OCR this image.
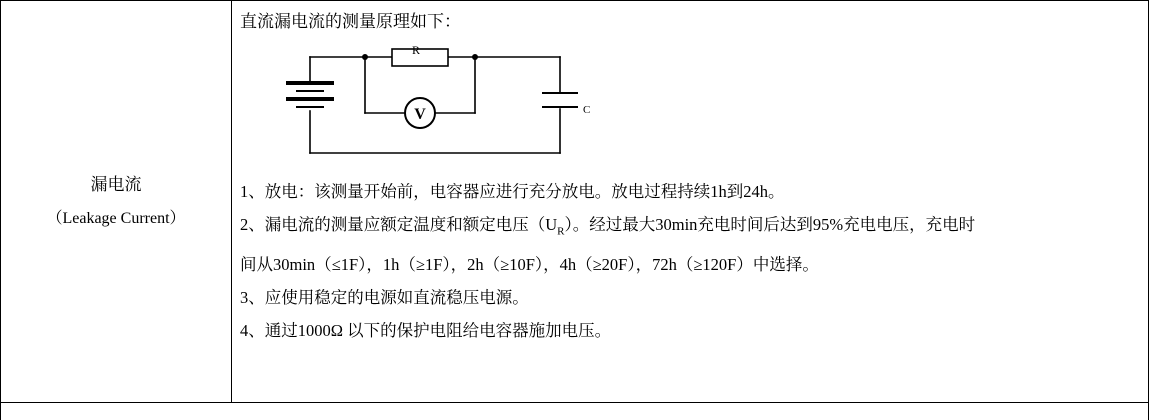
漏电流
（Leakage Current）

直流漏电流的测量原理如下：

C
R
V

1、放电：该测量开始前，电容器应进行充分放电。放电过程持续1h到24h。

2、漏电流的测量应额定温度和额定电压$(U_R)$。经过最大30min充电时间后达到95%充电电压，充电时
间从30min（≤1F），1h（≥1F），2h（≥10F），4h（≥20F），72h（≥120F）中选择。

3、应使用稳定的电源如直流稳压电源。

4、通过1000Ω 以下的保护电阻给电容器施加电压。
